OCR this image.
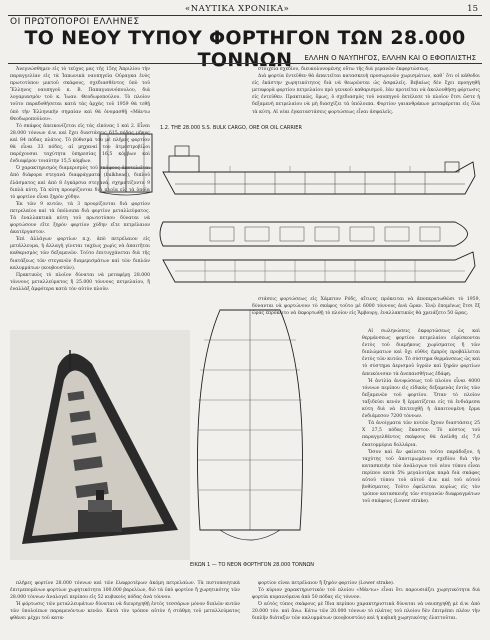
«ΝΑΥΤΙΚΑ ΧΡΟΝΙΚΑ»	15
ΟΙ ΠΡΩΤΟΠΟΡΟΙ ΕΛΛΗΝΕΣ
ΤΟ ΝΕΟΥ ΤΥΠΟΥ ΦΟΡΤΗΓΟΝ ΤΩΝ 28.000 ΤΟΝΝΩΝ	ΕΛΛΗΝ Ο ΝΑΥΠΗΓΟΣ, ΕΛΛΗΝ ΚΑΙ Ο ΕΦΟΠΛΙΣΤΗΣ

Ἀνεγνώσθημεν εἰς τὸ τεῦχος μας τῆς 15ης Ἀπριλίου τὴν παραγγελίαν εἰς τὰ Ἰαπωνικὰ ναυπηγεῖα Οὐραγκα ἐνὸς πρωτοτύπου μικτοῦ σκάφους, σχεδιασθέντος ὑπὸ τοῦ Ἕλληνος ναυπηγοῦ κ. Β. Παπαγιαννόπουλου, διὰ λογαριασμὸν τοῦ κ. Ἰωαν. Θεοδωροπούλου. Τὸ πλοῖον τοῦτο παραδοθήσεται κατὰ τὰς ἀρχὰς τοῦ 1959 θὰ τεθῇ ὑπὸ τὴν Ἑλληνικὴν σημαίαν καὶ θὰ ὀνομασθῇ «Μάντω Θεοδωροπούλου».

Τὸ σκάφος ἀπεικονίζεται εἰς τὰς εἰκόνας 1 καὶ 2. Εἶναι 28.000 τόννων d.w. καὶ ἔχει διαστάσεις 615 πόδας μῆκος καὶ 84 πόδας πλάτος. Τὸ βύθισμά του μὲ πλῆρες φορτίον θὰ εἶναι 33 πόδες, αἱ μηχαναί του ἀτμοστροβίλοι παρέχουσαι ταχύτητα ὑπηρεσίας 16,5 κόμβων καὶ ἐνδιαφέρον τοιαύτην 15,5 κόμβων.

Ὁ χαρακτηρισμὸς διαμερισμὸς τοῦ σκάφους ἀποτελεῖται ἀπὸ διάφορα στεγανὰ διαφράγματα (bulkhead), διπλοῦ ἐλάσματος καὶ ἀπὸ 8 ἐγκάρσια στεγανὰ, σχηματίζοντα 9 διπλὰ κύτη. Τὰ κύτη προορίζονται διὰ πλοῖα εἰς τὰ ὁποῖα τὸ φορτίον εἶναι ξηρὸν χύδην.

Ἐκ τῶν 9 κυτῶν, τὰ 3 προορίζονται διὰ φορτίον πετρελαίου καὶ τὰ ὑπόλοιπα διὰ φορτίον μεταλλεύματος. Τὰ ἐναλλακτικὰ κύτη τοῦ πρωτοτύπου δύναται νὰ φορτώσουν εἴτε ξηρὸν φορτίον χύδην εἴτε πετρέλαιον ἀκατέργαστον.

Ἐπὶ ἀλλάγων φορτίων π.χ. ἀπὸ πετρέλαιον εἰς μετάλλευμα, ἡ ἀλλαγὴ γίνεται ταχέως χωρὶς νὰ ἀπαιτῆται καθαρισμὸς τῶν δεξαμενῶν. Τοῦτο ἐπιτυγχάνεται διὰ τῆς διατάξεως τῶν στεγανῶν διαμερισμάτων καὶ τῶν διπλῶν καλυμμάτων (κουβουστῶν).

Πρακτικῶς τὸ πλοῖον δύναται νὰ μεταφέρῃ 28.000 τόννους μεταλλεύματος ἢ 25.000 τόννους πετρελαίου, ἢ ἐναλλὰξ ἀμφότερα κατὰ τὸν αὐτὸν πλοῦν.

στοιχεῖα σχεδίου, διευκολυνομένης οὕτω τῆς διὰ γερανῶν ἐκφορτώσεως.

Διὰ φορτία ἐντεῦθεν θὰ ἀπαιτεῖται κατασκευὴ προσωρινῶν χωρισμάτων, καθ᾽ ὅτι οἱ κάθοδοι εἰς ἑκάστην χωρητικότητος διὰ νὰ θεωρῶνται ὡς ἀσφαλεῖς. Βεβαίως δὲν ἔχει προηγηθῆ μεταφορὰ φορτίου πετρελαίου πρὸ γενικοῦ καθαρισμοῦ, ἐὰν προτεῖται νὰ ἀκολουθήσῃ φόρτωσις εἰς ἐντεῦθεν. Πρακτικῶς, ὅμως, ὁ σχεδιασμὸς τοῦ ναυπηγοῦ ἐκτέλεσε τὸ πλοῖον ἔτσι ὥστε ἡ δεξαμενὴ πετρελαίου νὰ μὴ διασχίζει τὰ ὑπόλοιπα. Φορτίον γαιανθράκων μεταφέρεται εἰς ὅλα τὰ κύτη. Αἱ νέαι ἐγκαταστάσεις φορτώσεως εἶναι ἀσφαλεῖς.

1.2. THE 28.000 S.S. BULK CARGO, ORE OR OIL CARRIER
ΕΙΚΩΝ 1 — ΤΟ ΝΕΟΝ ΦΟΡΤΗΓΟΝ 28.000 ΤΟΝΝΩΝ

στάσεις φορτώσεως εἰς Χάμπτον Ρόδς, αἵτινες πρόκειται νὰ ἀποπερατωθῶσι τὸ 1959, δύνανται νὰ φορτώνουν τὸ σκάφος τοῦτο μὲ 6000 τόννους ἀνὰ ὥραν. Ἐνῷ ἐπομένως ἔτσι ἕξ ὥρας ἐπρόκειτο νὰ ἐκφορτωθῇ τὸ πλοῖον εἰς Ἄμβουργ, ἐναλλακτικῶς θὰ χρειάζετο 50 ὥρας.

Αἱ σωληνώσεις ἐκφορτώσεως ὡς καὶ θερμάνσεως φορτίου πετρελαίου εὑρίσκονται ἐντὸς τοῦ διαμήκους χωρίσματος ἢ τῶν διπλώματων καὶ ὄχι εὐθὺς ἐμπρὸς προβάλλεται ἐντὸς τῶν κυτῶν. Τὸ σύστημα θερμάνσεως ὡς καὶ τὸ σύστημα ἀερισμοῦ ὑγρῶν καὶ ξηρῶν φορτίων ἀπεικόνισαν τὰ ἀνεπαισθήτως ἐδάφη.

Ἡ ἀντλία ἀνυψώσεως τοῦ πλοίου εἶναι 4000 τόννων περίπου εἰς εἰδικὰς δεξαμενὰς ἐντὸς τῶν δεξαμενῶν τοῦ φορτίου. Ὅταν τὸ πλοῖον ταξιδεύει κενόν ἢ ἐρματίζεται εἰς τὰ ἐνδιάμεσα κύτη διὰ νὰ ἐπιτευχθῇ ἡ ἀπαιτουμένη ἕρμα ἐνδιάμεσον 7200 τόννων.

Τὰ ἀνοίγματα τῶν κυτῶν ἔχουν διαστάσεις 25 Χ 27,5 πόδας ἕκαστον. Τὸ κόστος τοῦ παραγγελθέντος σκάφους θὰ ἀνέλθῃ εἰς 7,6 ἑκατομμύρια δολλάρια.

Ὅσον καὶ ἂν φαίνεται τοῦτο παράδοξον, ἡ ταχύτης τοῦ ἀποτιμωμένου σχεδίου διὰ τὴν κατασκευὴν τῶν ἀνάλογων τοῦ νέου τύπου εἶναι περίπου κατὰ 5% μεγαλυτέρα παρὰ διὰ σκάφος αὐτοῦ τύπου τοῦ αὐτοῦ d.w. καὶ τοῦ αὐτοῦ βυθίσματος. Τοῦτο ὀφείλεται κυρίως εἰς τὸν τρόπον κατασκευῆς τῶν στεγανῶν διαφραγμάτων τοῦ σκάφους (Lower strake).

πλήρες φορτίον 28.000 τόννων καὶ τῶν ἐλαφροτέρων ἀκόμη πετρελαίων. Τὰ πιστοποιητικὰ ἐπιτρεπομένων φορτίων χωρητικότητα 100.000 βαρελίων, διὸ τὰ ὑπὸ φορτίον ἢ χωρητικότης τῶν 28.000 τόννων ἀναλογεῖ περίπου εἰς 52 κυβικοὺς πόδας ἀνὰ τόννον.

Ἡ φόρτωσις τῶν μεταλλευμάτων δύναται νὰ διευρηγηθῇ ἐντὸς τεσσάρων μόνον διπλῶν κυτῶν τῶν ὑπολοίπων παραμενόντων κενῶν. Κατὰ τὸν τρόπον αὐτὸν ἡ στάθμη τοῦ μεταλλεύματος φθάνει μέχρι τοῦ κατα-

φορτίον εἶναι πετρέλαιον ἢ ξηρὸν φορτίον (Lower strake).

Τὸ κύριον χαρακτηριστικὸν τοῦ πλοίου «Μάντω» εἶναι ὅτι παρουσιάζει χωρητικότητα διὰ φορτία κυμαινόμενα ἀπὸ 50 πόδας εἰς τόννον.

Ὁ αὐτὸς τύπος σκάφους μὲ ἴδια περίπου χαρακτηριστικὰ δύναται νὰ ναυπηγηθῇ μὲ d.w. ἀπὸ 20.000 τόν. καὶ ἄνω. Κάτω τῶν 20.000 τόννων τὸ πλάτος τοῦ πλοίου δὲν ἐπιτρέπει πλέον τὴν διπλῆν διάταξιν τῶν καλυμμάτων (κουβουστῶν) καὶ ἡ κυβικὴ χωρητικότης ἐλαττοῦται.
